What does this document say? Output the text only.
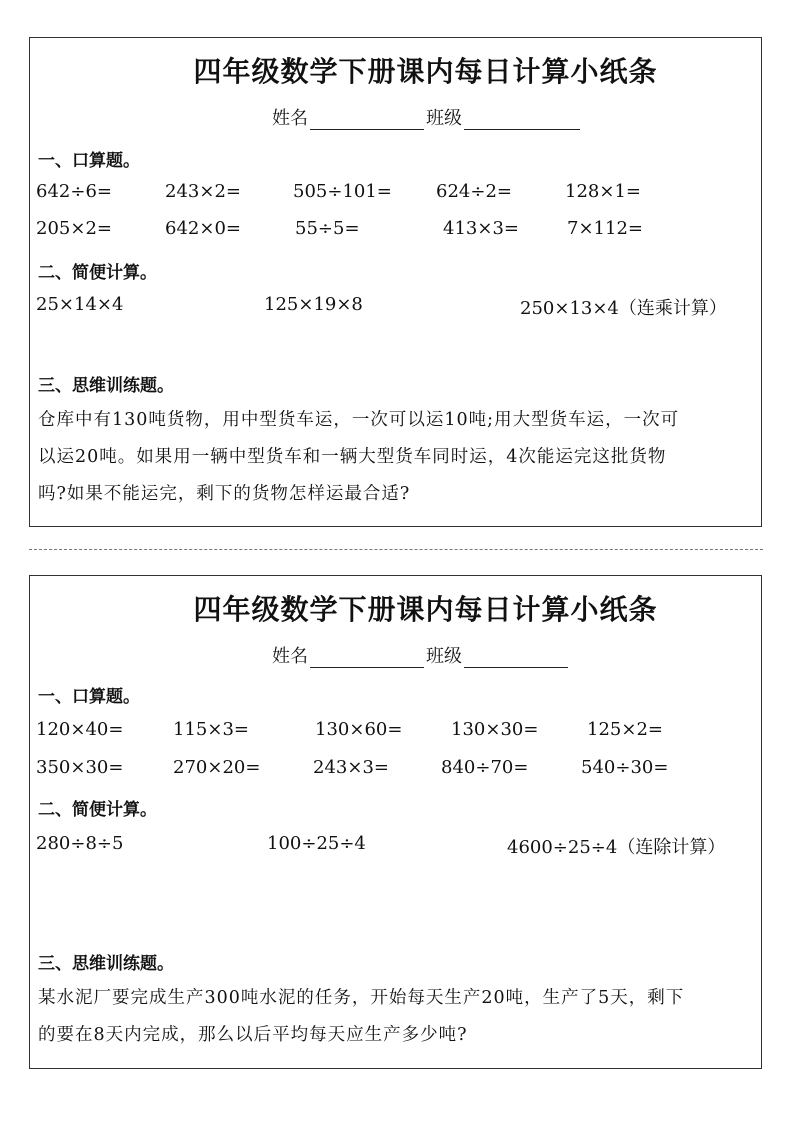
四年级数学下册课内每日计算小纸条
姓名	班级
一、口算题。
642÷6=	243×2=	505÷101= 624÷2=	128×1=
205×2=	642×0=	55÷5=	413×3=	7×112=
二、简便计算。
25×14×4	125×19×8	250×13×4（连乘计算）
三、思维训练题。
仓库中有130吨货物，用中型货车运，一次可以运10吨;用大型货车运，一次可
以运20吨。如果用一辆中型货车和一辆大型货车同时运，4次能运完这批货物
吗?如果不能运完，剩下的货物怎样运最合适?
四年级数学下册课内每日计算小纸条
姓名	班级
一、口算题。
120×40=	115×3=	130×60=	130×30=	125×2=
350×30=	270×20=	243×3=	840÷70=	540÷30=
二、简便计算。
280÷8÷5	100÷25÷4	4600÷25÷4（连除计算）
三、思维训练题。
某水泥厂要完成生产300吨水泥的任务，开始每天生产20吨，生产了5天，剩下
的要在8天内完成，那么以后平均每天应生产多少吨?
